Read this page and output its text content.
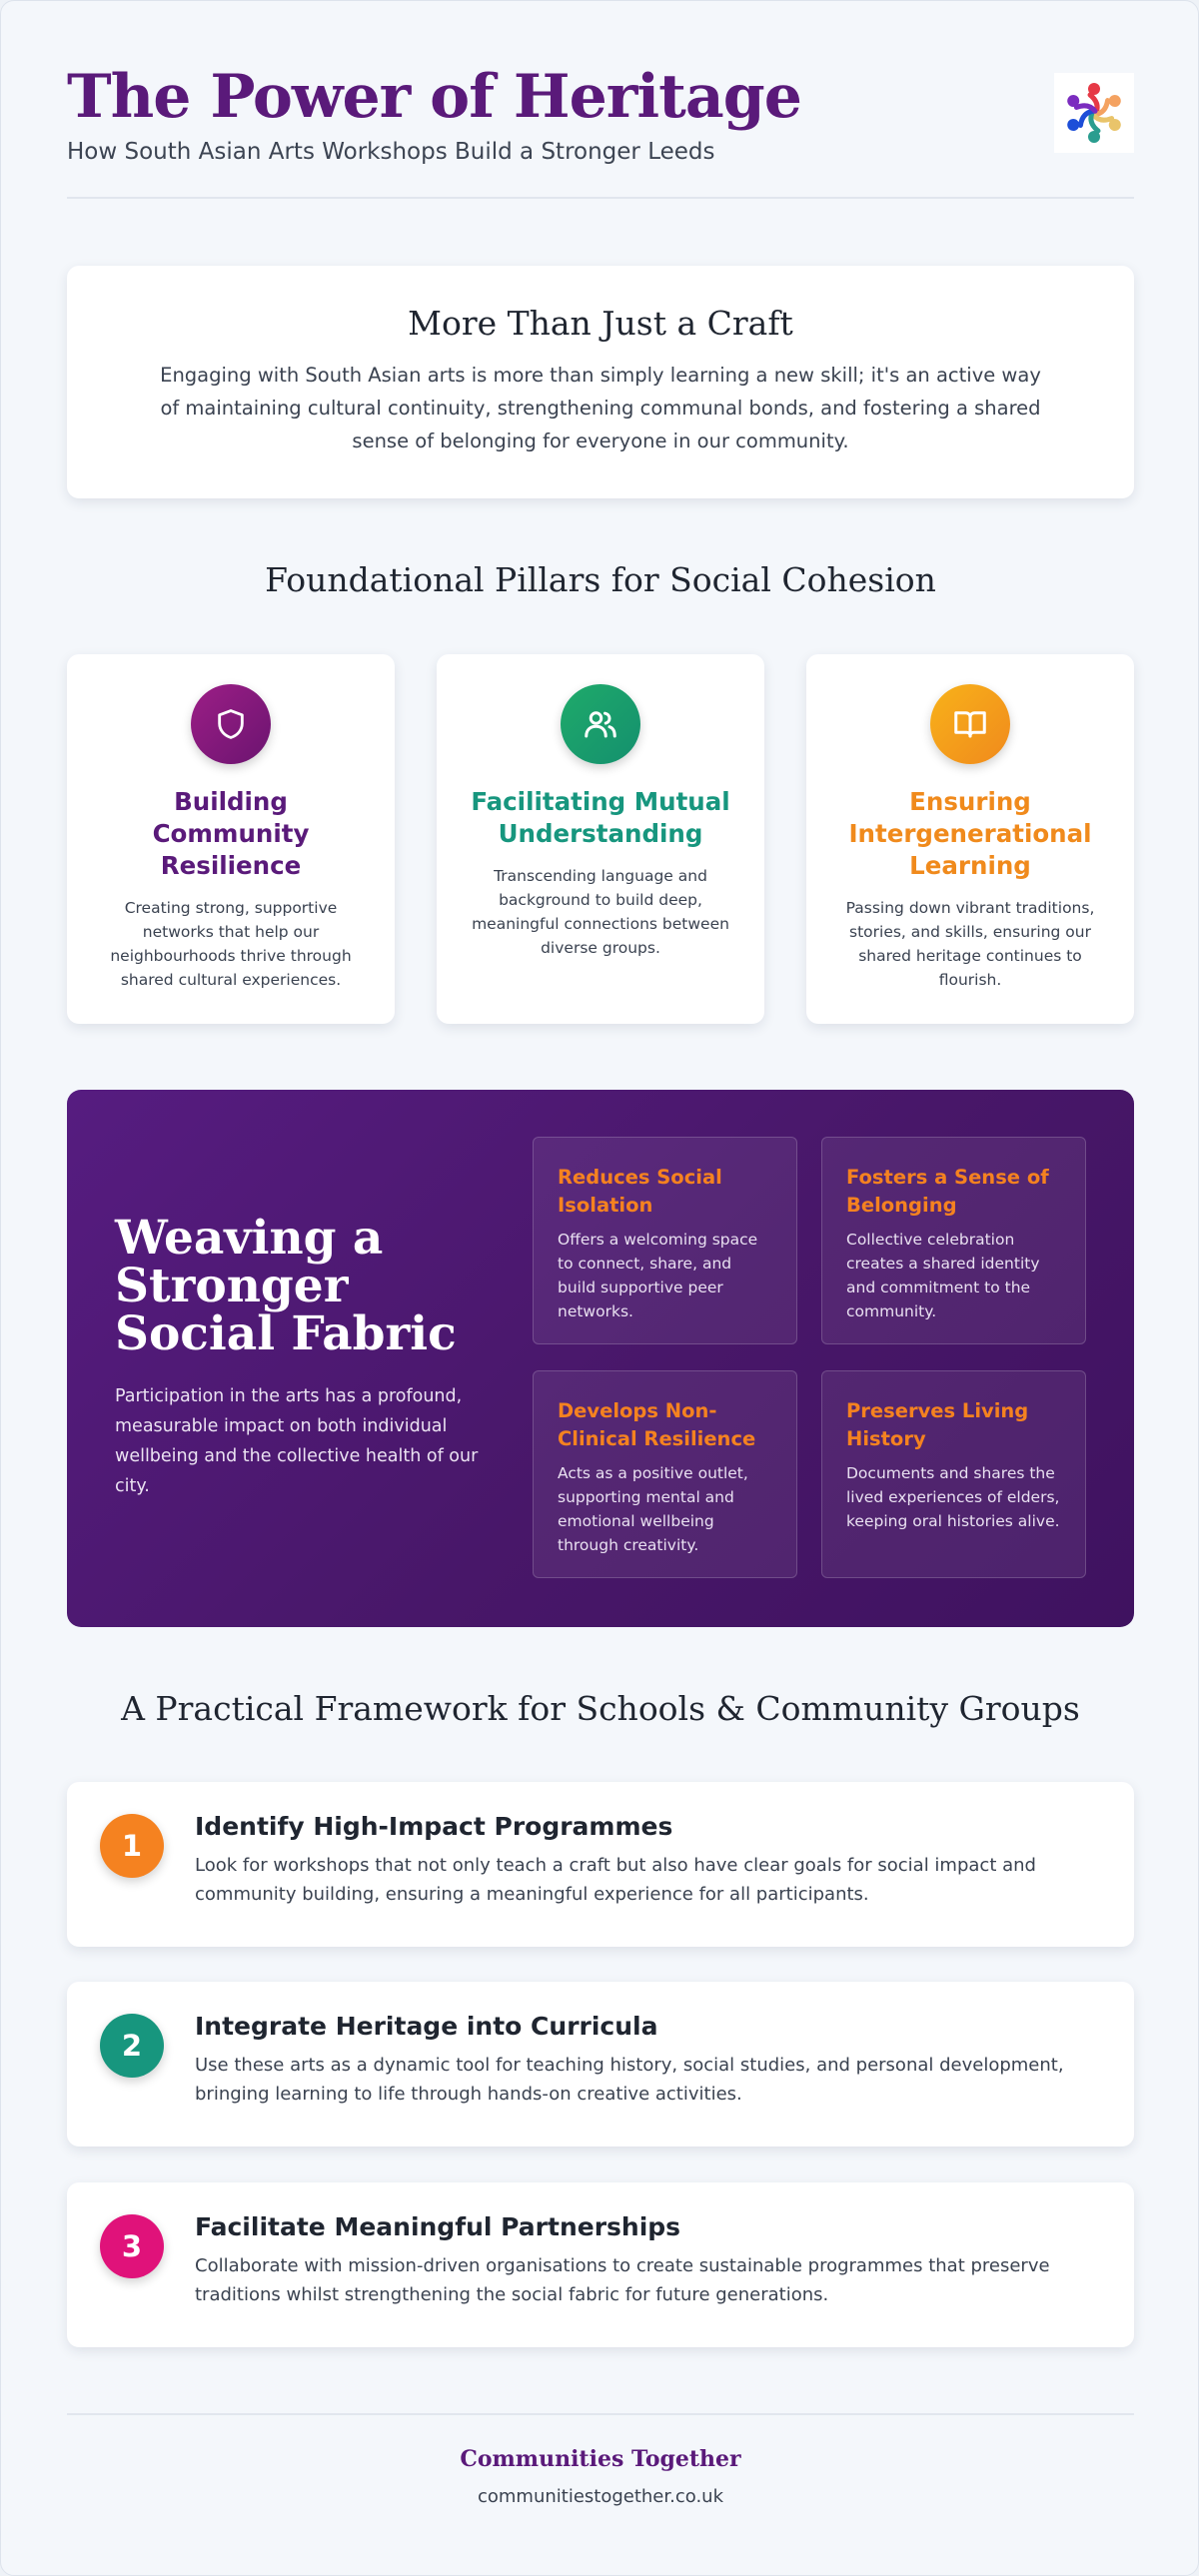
The Power of Heritage
How South Asian Arts Workshops Build a Stronger Leeds
More Than Just a Craft

Engaging with South Asian arts is more than simply learning a new skill; it's an active way of maintaining cultural continuity, strengthening communal bonds, and fostering a shared sense of belonging for everyone in our community.

Foundational Pillars for Social Cohesion
Building Community Resilience

Creating strong, supportive networks that help our neighbourhoods thrive through shared cultural experiences.

Facilitating Mutual Understanding

Transcending language and background to build deep, meaningful connections between diverse groups.

Ensuring Intergenerational Learning

Passing down vibrant traditions, stories, and skills, ensuring our shared heritage continues to flourish.

Weaving a Stronger Social Fabric

Participation in the arts has a profound, measurable impact on both individual wellbeing and the collective health of our city.

Reduces Social Isolation

Offers a welcoming space to connect, share, and build supportive peer networks.

Fosters a Sense of Belonging

Collective celebration creates a shared identity and commitment to the community.

Develops Non-Clinical Resilience

Acts as a positive outlet, supporting mental and emotional wellbeing through creativity.

Preserves Living History

Documents and shares the lived experiences of elders, keeping oral histories alive.

A Practical Framework for Schools & Community Groups
1
Identify High-Impact Programmes

Look for workshops that not only teach a craft but also have clear goals for social impact and community building, ensuring a meaningful experience for all participants.

2
Integrate Heritage into Curricula

Use these arts as a dynamic tool for teaching history, social studies, and personal development, bringing learning to life through hands-on creative activities.

3
Facilitate Meaningful Partnerships

Collaborate with mission-driven organisations to create sustainable programmes that preserve traditions whilst strengthening the social fabric for future generations.

Communities Together
communitiestogether.co.uk
